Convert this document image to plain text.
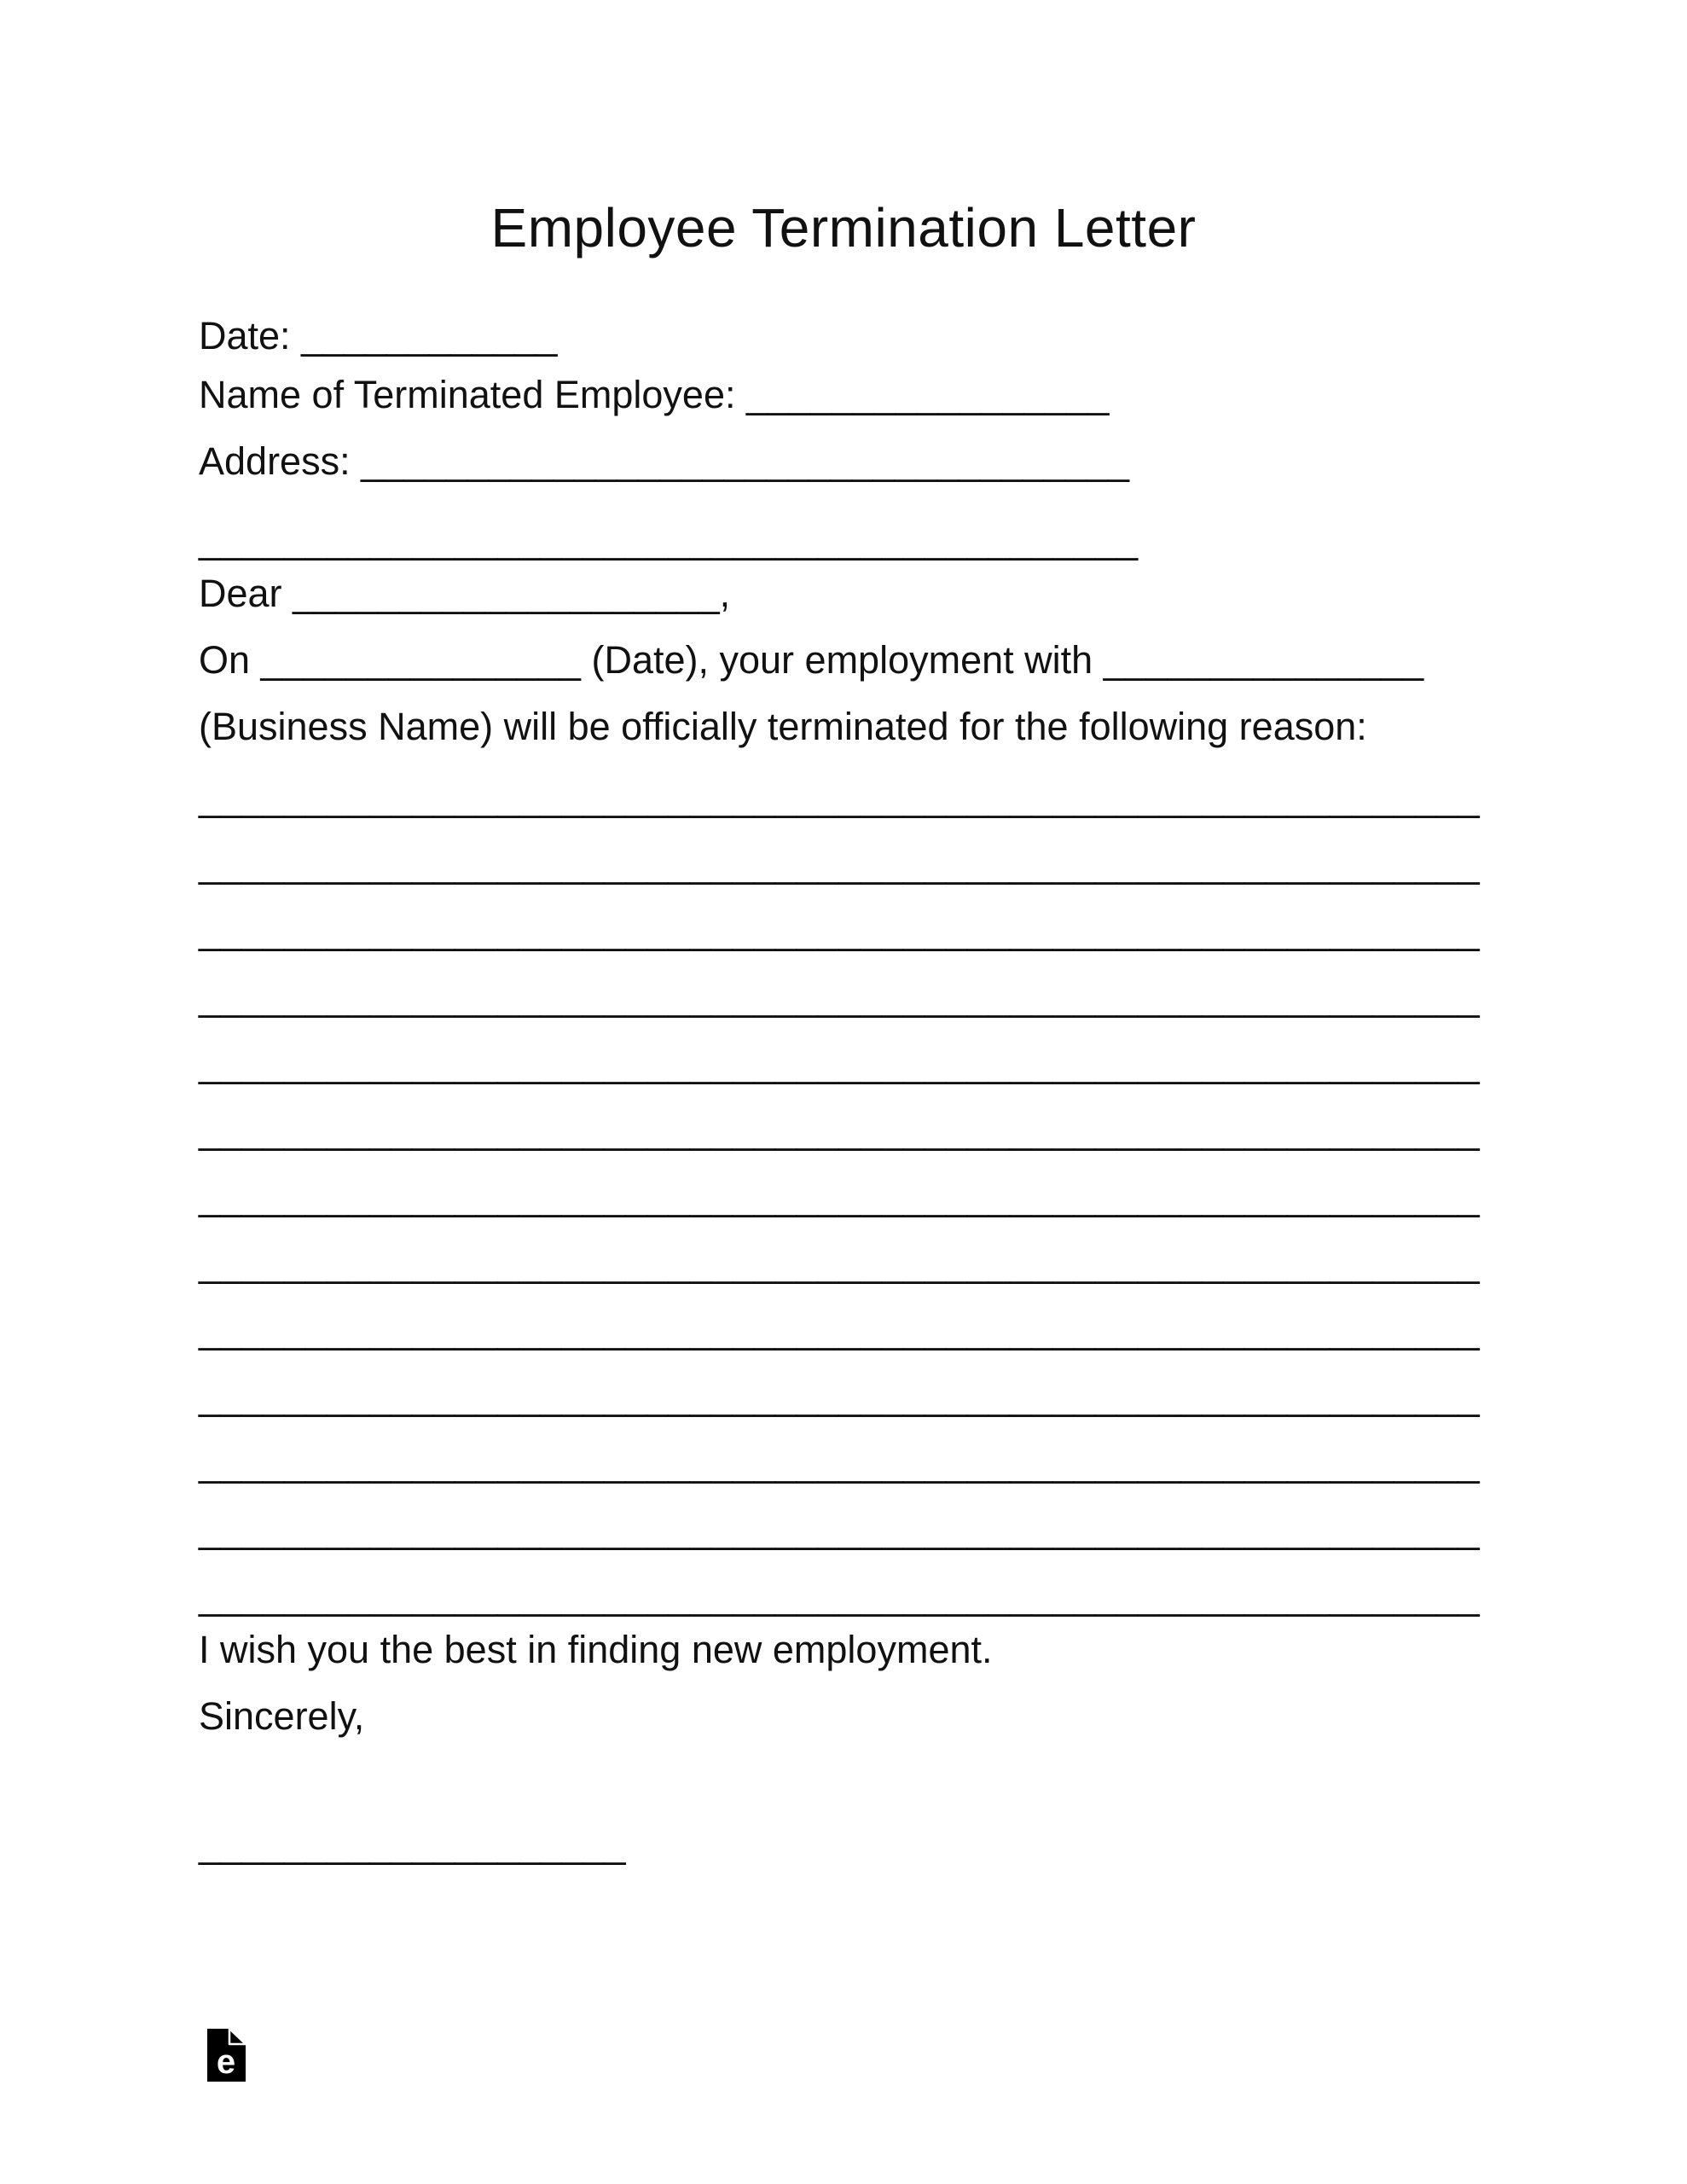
Employee Termination Letter

Date: ____________

Name of Terminated Employee: _________________

Address: ____________________________________

____________________________________________

Dear ____________________,

On _______________ (Date), your employment with _______________

(Business Name) will be officially terminated for the following reason:

____________________________________________________________

____________________________________________________________

____________________________________________________________

____________________________________________________________

____________________________________________________________

____________________________________________________________

____________________________________________________________

____________________________________________________________

____________________________________________________________

____________________________________________________________

____________________________________________________________

____________________________________________________________

____________________________________________________________

I wish you the best in finding new employment.

Sincerely,

____________________

e
